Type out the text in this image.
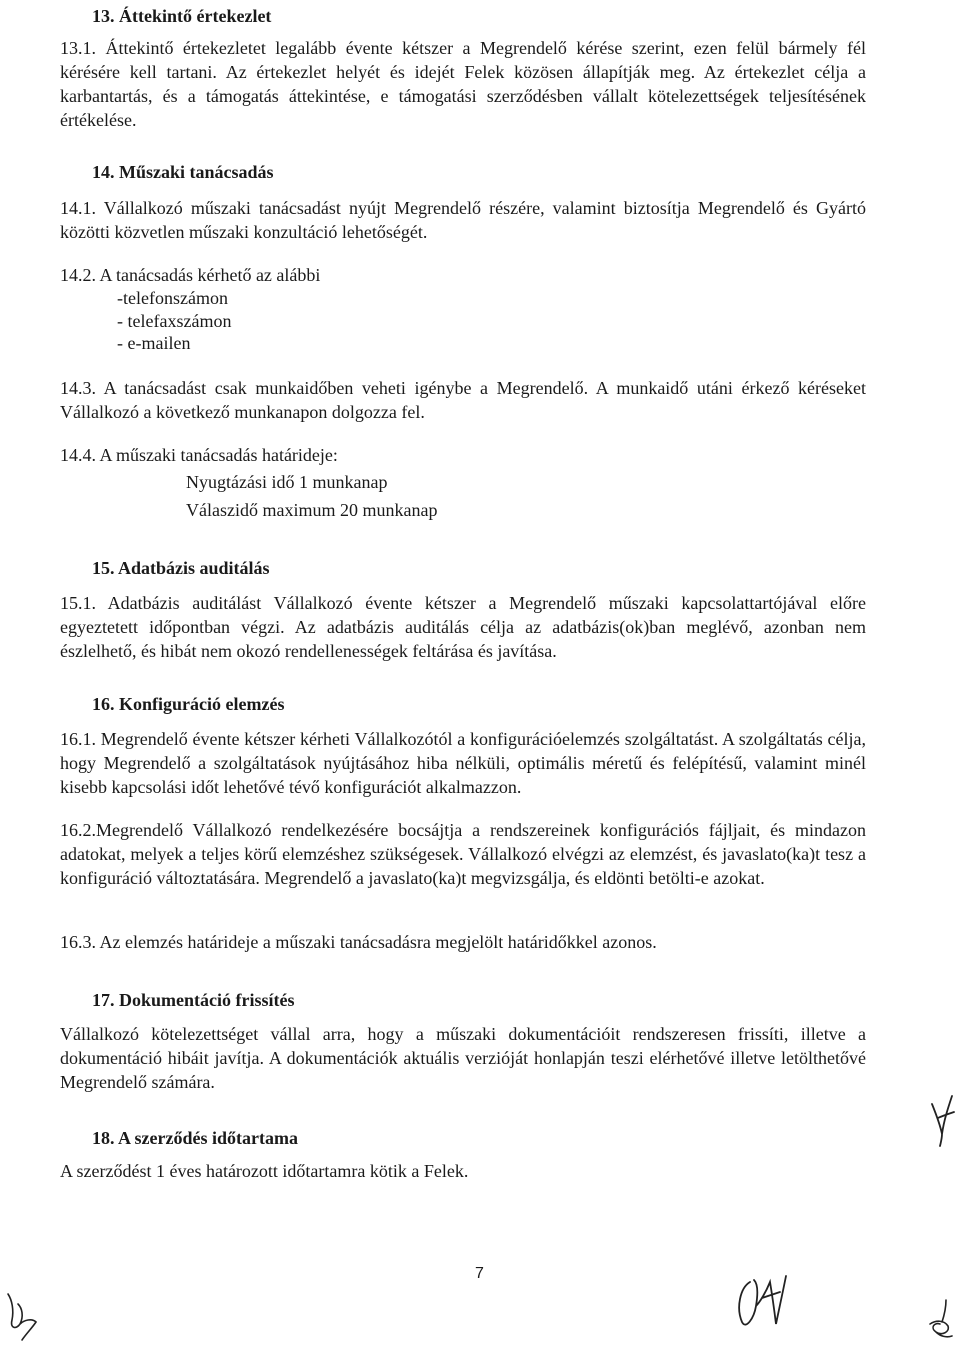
13. Áttekintő értekezlet
13.1. Áttekintő értekezletet legalább évente kétszer a Megrendelő kérése szerint, ezen felül bármely fél kérésére kell tartani. Az értekezlet helyét és idejét Felek közösen állapítják meg. Az értekezlet célja a karbantartás, és a támogatás áttekintése, e támogatási szerződésben vállalt kötelezettségek teljesítésének értékelése.
14. Műszaki tanácsadás
14.1. Vállalkozó műszaki tanácsadást nyújt Megrendelő részére, valamint biztosítja Megrendelő és Gyártó közötti közvetlen műszaki konzultáció lehetőségét.
14.2. A tanácsadás kérhető az alábbi
-telefonszámon
- telefaxszámon
- e-mailen
14.3. A tanácsadást csak munkaidőben veheti igénybe a Megrendelő. A munkaidő utáni érkező kéréseket Vállalkozó a következő munkanapon dolgozza fel.
14.4. A műszaki tanácsadás határideje:
Nyugtázási idő 1 munkanap
Válaszidő maximum 20 munkanap
15. Adatbázis auditálás
15.1. Adatbázis auditálást Vállalkozó évente kétszer a Megrendelő műszaki kapcsolattartójával előre egyeztetett időpontban végzi. Az adatbázis auditálás célja az adatbázis(ok)ban meglévő, azonban nem észlelhető, és hibát nem okozó rendellenességek feltárása és javítása.
16. Konfiguráció elemzés
16.1. Megrendelő évente kétszer kérheti Vállalkozótól a konfigurációelemzés szolgáltatást. A szolgáltatás célja, hogy Megrendelő a szolgáltatások nyújtásához hiba nélküli, optimális méretű és felépítésű, valamint minél kisebb kapcsolási időt lehetővé tévő konfigurációt alkalmazzon.
16.2.Megrendelő Vállalkozó rendelkezésére bocsájtja a rendszereinek konfigurációs fájljait, és mindazon adatokat, melyek a teljes körű elemzéshez szükségesek. Vállalkozó elvégzi az elemzést, és javaslato(ka)t tesz a konfiguráció változtatására. Megrendelő a javaslato(ka)t megvizsgálja, és eldönti betölti-e azokat.
16.3. Az elemzés határideje a műszaki tanácsadásra megjelölt határidőkkel azonos.
17. Dokumentáció frissítés
Vállalkozó kötelezettséget vállal arra, hogy a műszaki dokumentációit rendszeresen frissíti, illetve a dokumentáció hibáit javítja. A dokumentációk aktuális verzióját honlapján teszi elérhetővé illetve letölthetővé Megrendelő számára.
18. A szerződés időtartama
A szerződést 1 éves határozott időtartamra kötik a Felek.
7
